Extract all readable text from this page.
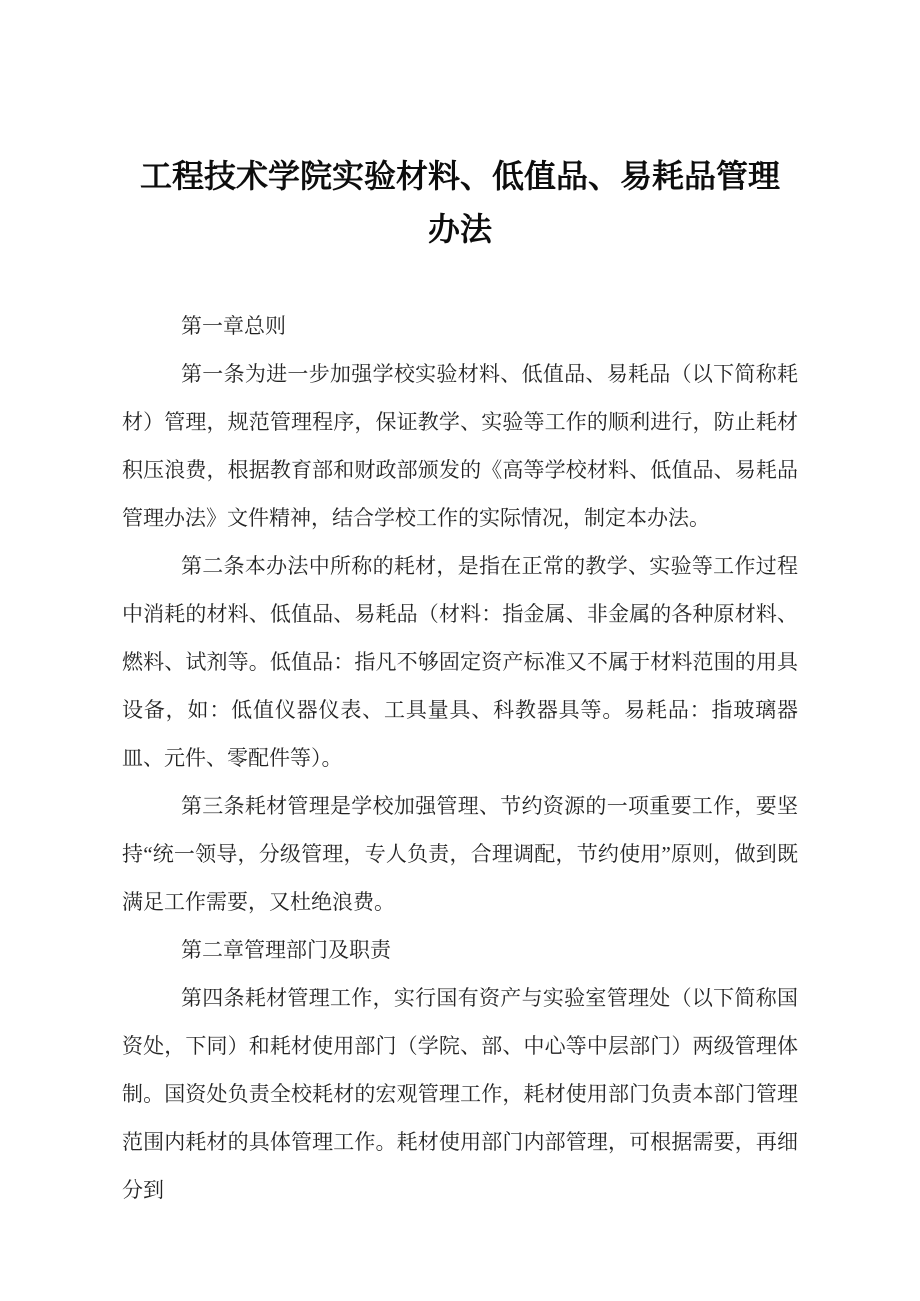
工程技术学院实验材料、低值品、易耗品管理办法

第一章总则

第一条为进一步加强学校实验材料、低值品、易耗品（以下简称耗材）管理，规范管理程序，保证教学、实验等工作的顺利进行，防止耗材积压浪费，根据教育部和财政部颁发的《高等学校材料、低值品、易耗品管理办法》文件精神，结合学校工作的实际情况，制定本办法。

第二条本办法中所称的耗材，是指在正常的教学、实验等工作过程中消耗的材料、低值品、易耗品（材料：指金属、非金属的各种原材料、燃料、试剂等。低值品：指凡不够固定资产标准又不属于材料范围的用具设备，如：低值仪器仪表、工具量具、科教器具等。易耗品：指玻璃器皿、元件、零配件等）。

第三条耗材管理是学校加强管理、节约资源的一项重要工作，要坚持“统一领导，分级管理，专人负责，合理调配，节约使用”原则，做到既满足工作需要，又杜绝浪费。

第二章管理部门及职责

第四条耗材管理工作，实行国有资产与实验室管理处（以下简称国资处，下同）和耗材使用部门（学院、部、中心等中层部门）两级管理体制。国资处负责全校耗材的宏观管理工作，耗材使用部门负责本部门管理范围内耗材的具体管理工作。耗材使用部门内部管理，可根据需要，再细分到
